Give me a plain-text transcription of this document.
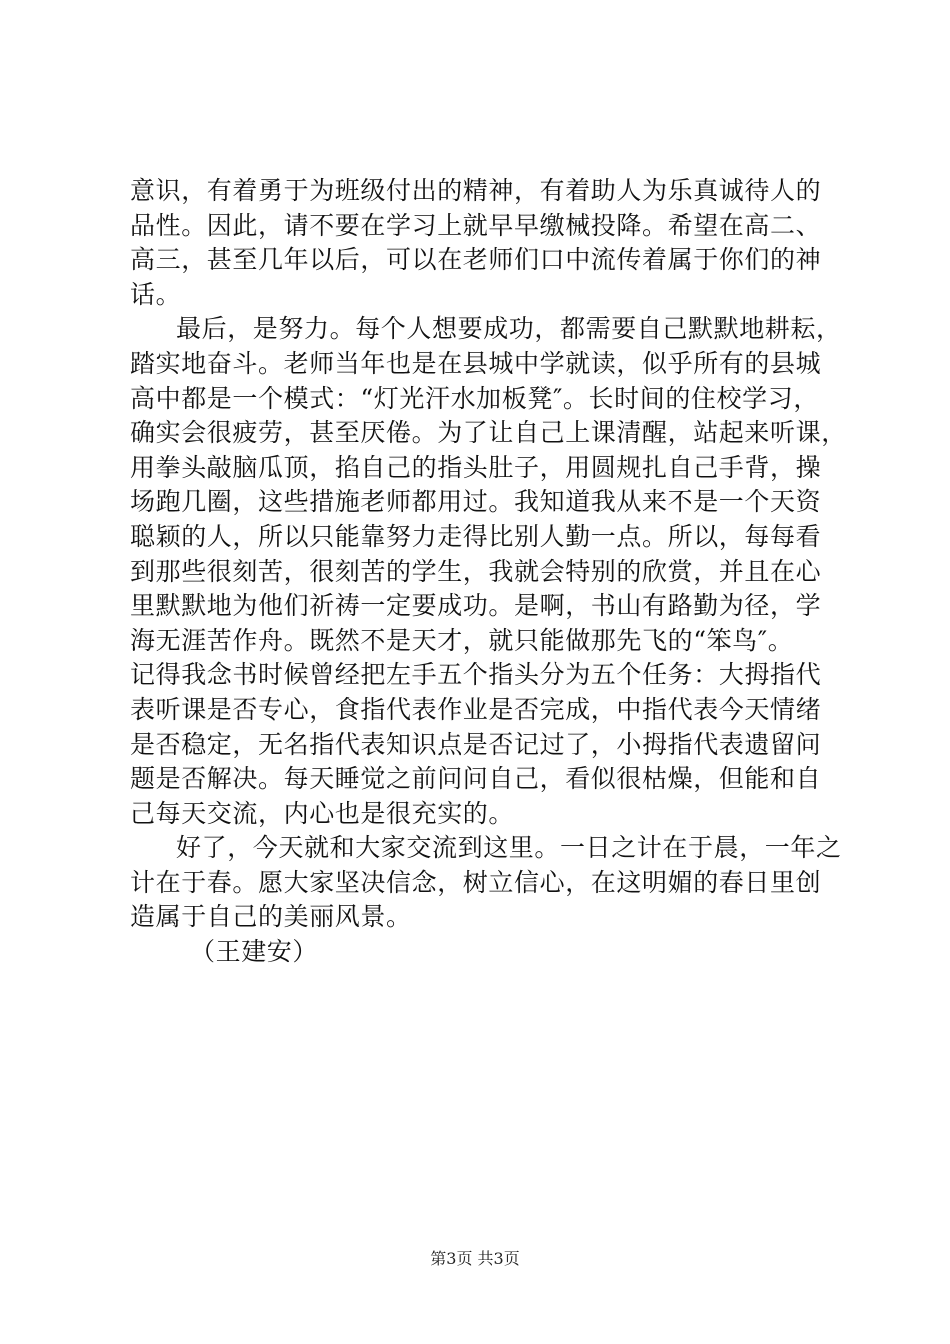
意识，有着勇于为班级付出的精神，有着助人为乐真诚待人的
品性。因此，请不要在学习上就早早缴械投降。希望在高二、
高三，甚至几年以后，可以在老师们口中流传着属于你们的神
话。
最后，是努力。每个人想要成功，都需要自己默默地耕耘，
踏实地奋斗。老师当年也是在县城中学就读，似乎所有的县城
高中都是一个模式：“灯光汗水加板凳″。长时间的住校学习，
确实会很疲劳，甚至厌倦。为了让自己上课清醒，站起来听课，
用拳头敲脑瓜顶，掐自己的指头肚子，用圆规扎自己手背，操
场跑几圈，这些措施老师都用过。我知道我从来不是一个天资
聪颖的人，所以只能靠努力走得比别人勤一点。所以，每每看
到那些很刻苦，很刻苦的学生，我就会特别的欣赏，并且在心
里默默地为他们祈祷一定要成功。是啊，书山有路勤为径，学
海无涯苦作舟。既然不是天才，就只能做那先飞的“笨鸟″。
记得我念书时候曾经把左手五个指头分为五个任务：大拇指代
表听课是否专心，食指代表作业是否完成，中指代表今天情绪
是否稳定，无名指代表知识点是否记过了，小拇指代表遗留问
题是否解决。每天睡觉之前问问自己，看似很枯燥，但能和自
己每天交流，内心也是很充实的。
好了，今天就和大家交流到这里。一日之计在于晨，一年之
计在于春。愿大家坚决信念，树立信心，在这明媚的春日里创
造属于自己的美丽风景。
（王建安）
第3页 共3页
